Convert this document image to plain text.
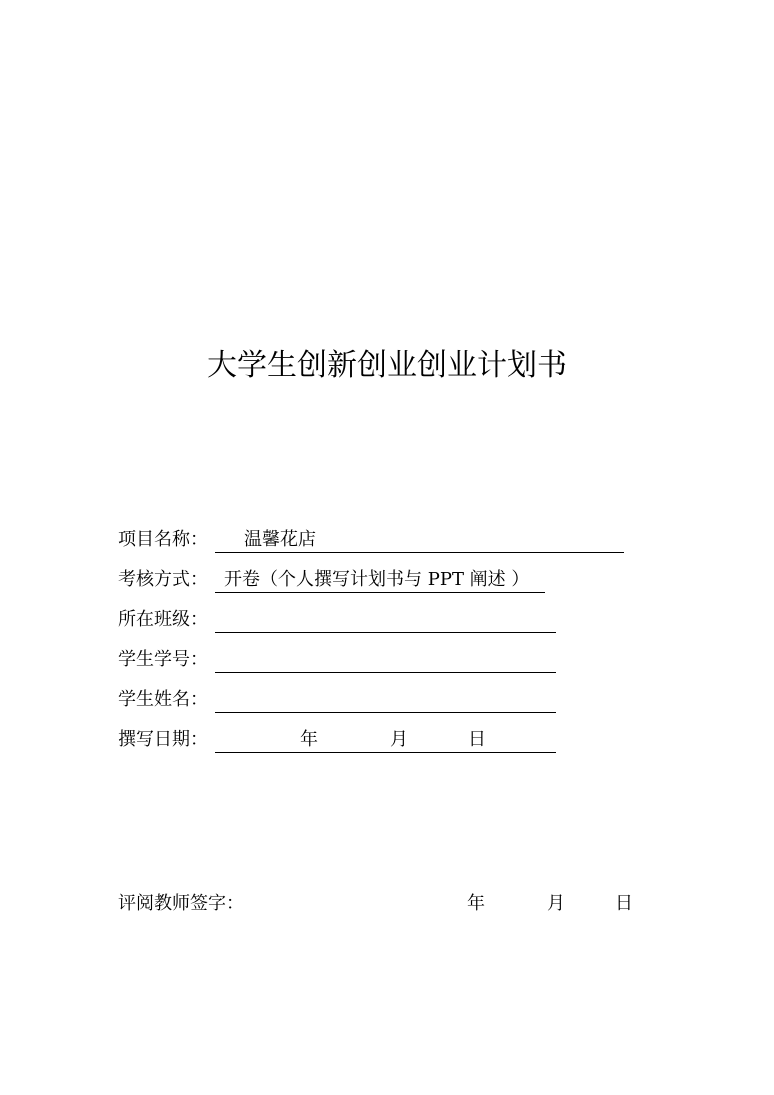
大学生创新创业创业计划书
项目名称： 温馨花店
考核方式： 开卷（个人撰写计划书与 PPT 阐述 ）
所在班级：
学生学号：
学生姓名：
撰写日期：	年	月	日
评阅教师签字：	年	月	日
